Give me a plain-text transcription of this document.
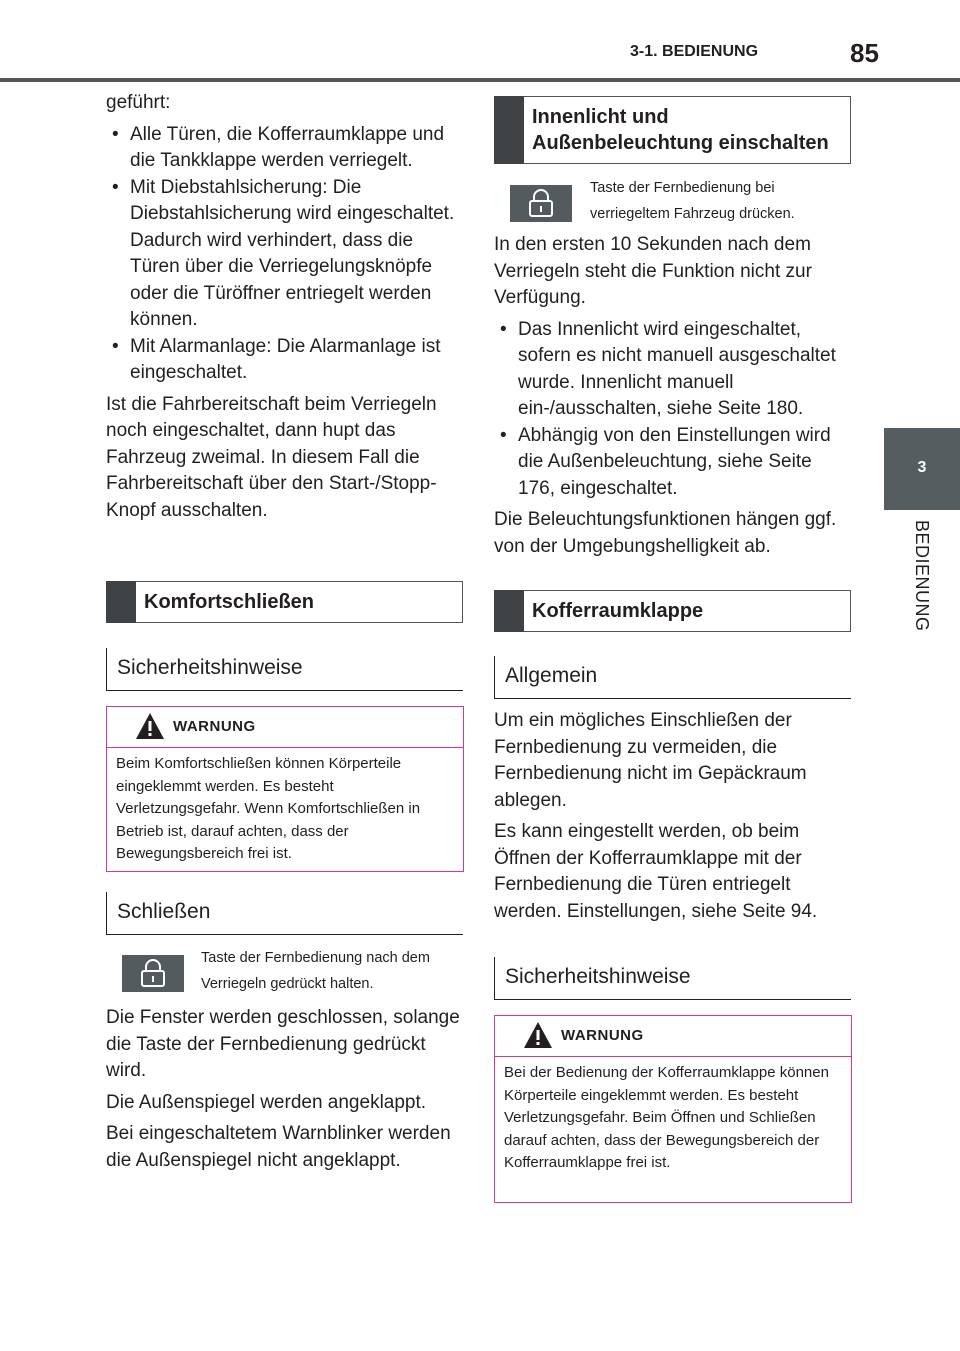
3-1. BEDIENUNG	85
3
BEDIENUNG

geführt:

• Alle Türen, die Kofferraumklappe und die Tankklappe werden verriegelt.
• Mit Diebstahlsicherung: Die Diebstahlsicherung wird eingeschaltet. Dadurch wird verhindert, dass die Türen über die Verriegelungsknöpfe oder die Türöffner entriegelt werden können.
• Mit Alarmanlage: Die Alarmanlage ist eingeschaltet.

Ist die Fahrbereitschaft beim Verriegeln noch eingeschaltet, dann hupt das Fahrzeug zweimal. In diesem Fall die Fahrbereitschaft über den Start-/Stopp-Knopf ausschalten.

Komfortschließen
Sicherheitshinweise
WARNUNG
Beim Komfortschließen können Körperteile eingeklemmt werden. Es besteht Verletzungsgefahr. Wenn Komfortschließen in Betrieb ist, darauf achten, dass der Bewegungsbereich frei ist.
Schließen
Taste der Fernbedienung nach dem Verriegeln gedrückt halten.

Die Fenster werden geschlossen, solange die Taste der Fernbedienung gedrückt wird.

Die Außenspiegel werden angeklappt.

Bei eingeschaltetem Warnblinker werden die Außenspiegel nicht angeklappt.

Innenlicht und Außenbeleuchtung einschalten
Taste der Fernbedienung bei verriegeltem Fahrzeug drücken.

In den ersten 10 Sekunden nach dem Verriegeln steht die Funktion nicht zur Verfügung.

• Das Innenlicht wird eingeschaltet, sofern es nicht manuell ausgeschaltet wurde. Innenlicht manuell ein-/ausschalten, siehe Seite 180.
• Abhängig von den Einstellungen wird die Außenbeleuchtung, siehe Seite 176, eingeschaltet.

Die Beleuchtungsfunktionen hängen ggf. von der Umgebungshelligkeit ab.

Kofferraumklappe
Allgemein

Um ein mögliches Einschließen der Fernbedienung zu vermeiden, die Fernbedienung nicht im Gepäckraum ablegen.

Es kann eingestellt werden, ob beim Öffnen der Kofferraumklappe mit der Fernbedienung die Türen entriegelt werden. Einstellungen, siehe Seite 94.

Sicherheitshinweise
WARNUNG
Bei der Bedienung der Kofferraumklappe können Körperteile eingeklemmt werden. Es besteht Verletzungsgefahr. Beim Öffnen und Schließen darauf achten, dass der Bewegungsbereich der Kofferraumklappe frei ist.
